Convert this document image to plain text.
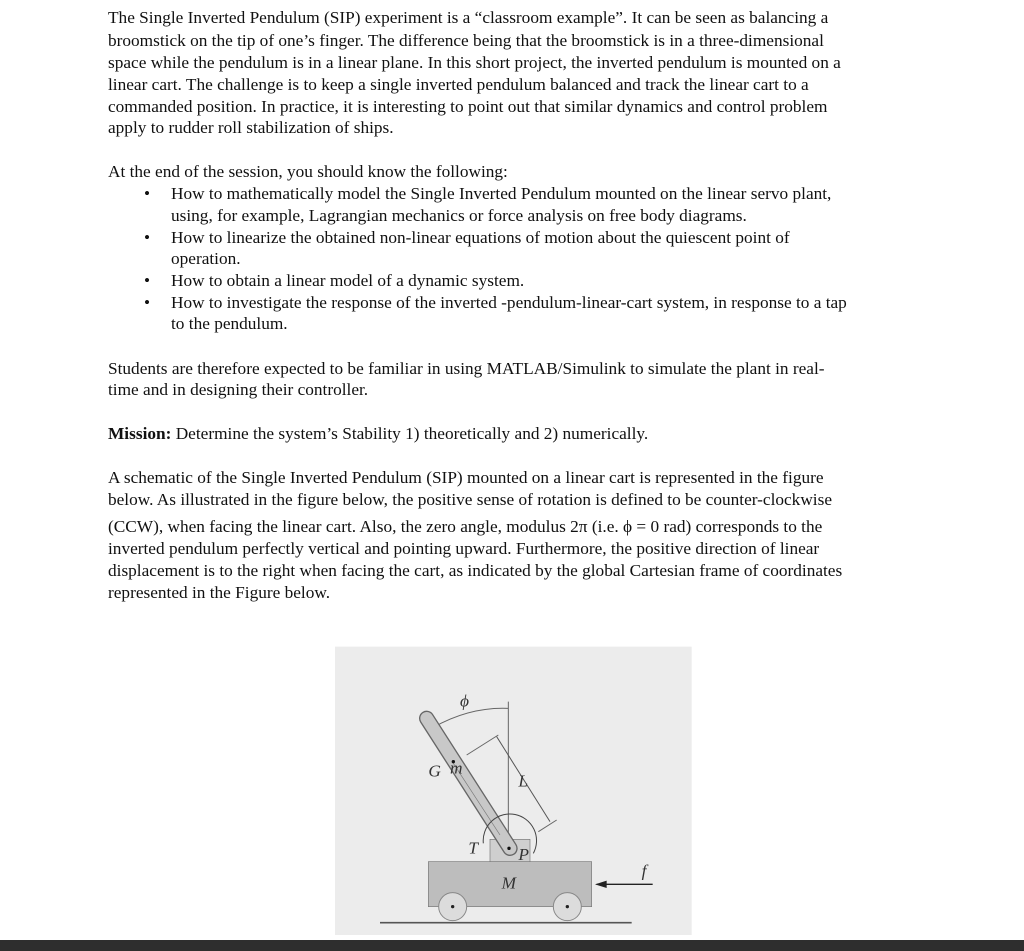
The Single Inverted Pendulum (SIP) experiment is a “classroom example”. It can be seen as balancing a
broomstick on the tip of one’s finger. The difference being that the broomstick is in a three-dimensional
space while the pendulum is in a linear plane. In this short project, the inverted pendulum is mounted on a
linear cart. The challenge is to keep a single inverted pendulum balanced and track the linear cart to a
commanded position. In practice, it is interesting to point out that similar dynamics and control problem
apply to rudder roll stabilization of ships.
At the end of the session, you should know the following:
• How to mathematically model the Single Inverted Pendulum mounted on the linear servo plant,
using, for example, Lagrangian mechanics or force analysis on free body diagrams.
• How to linearize the obtained non-linear equations of motion about the quiescent point of
operation.
• How to obtain a linear model of a dynamic system.
• How to investigate the response of the inverted -pendulum-linear-cart system, in response to a tap
to the pendulum.
Students are therefore expected to be familiar in using MATLAB/Simulink to simulate the plant in real-
time and in designing their controller.
Mission: Determine the system’s Stability 1) theoretically and 2) numerically.
A schematic of the Single Inverted Pendulum (SIP) mounted on a linear cart is represented in the figure
below. As illustrated in the figure below, the positive sense of rotation is defined to be counter-clockwise
(CCW), when facing the linear cart. Also, the zero angle, modulus 2π (i.e. ϕ = 0 rad) corresponds to the
inverted pendulum perfectly vertical and pointing upward. Furthermore, the positive direction of linear
displacement is to the right when facing the cart, as indicated by the global Cartesian frame of coordinates
represented in the Figure below.
ϕ
G m
L
T P
M
f
